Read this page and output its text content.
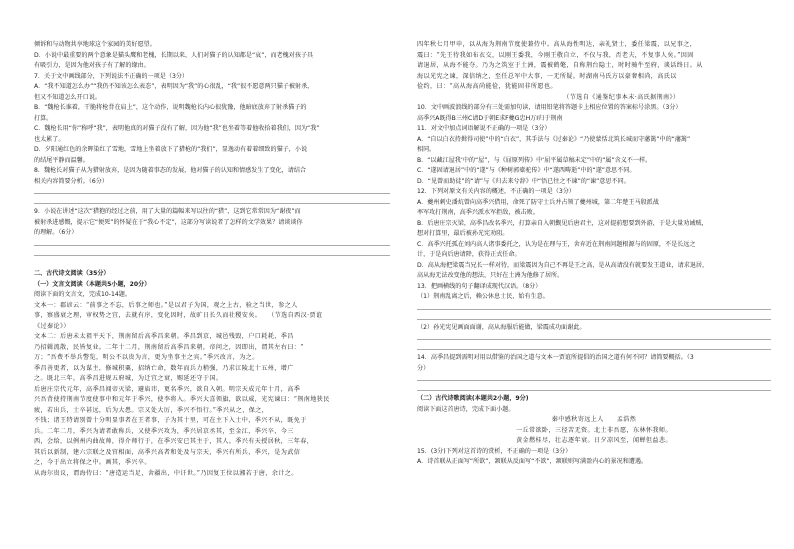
倾诉和与动物共享地球这个家园的美好愿望。
D．小说中最重要的两个意象是猫头鹰和老槐，长期以来，人们对猫子的认知都是“哀”，而老槐对孩子具
有吸引力，是因为他对孩子有了解的缘由。
7．关于文中画线部分，下列说法不正确的一项是（3分）
A．“我不知道怎么办”“我仍不知该怎么表态”，表明因为“我”的心很乱，“我”很不愿意两只猫子被射杀，
但又不知道怎么开口说。
B．“魏枪长谁着，干脆将枪背在肩上”，这个动作，说明魏枪长内心很犹豫，他暗底放弃了射杀猫子的
打算。
C．魏枪长用“你”称呼“我”，表明他真的对猫子没有了解，因为他“我”也坐着等着他收拾着我们，因为“我”
也太累了。
D．夕阳通红色的余晖染红了雪地，雪地上坐着放下了猎枪的“我们”，显逸动有着着细致的猫子，小说
的结尾平静而温馨。
8．魏枪长对猫子从为猎射放弃，是因为随着事态的发展，他对猫子的认知和情感发生了变化，请结合
相关内容简要分析。（6分）
9．小说在讲述“这次”猎狍的经过之前，用了大量的篇幅来写以往的“猎”，这到它常常因为“谢夜”而
被射杀进感慨，提示它“便死”的怀疑在于“我心不定”，这部分写读说者了怎样的文学效果？请谈谈你
的理解。（6分）
二、古代诗文阅读（35分）
（一）文言文阅读（本题共5小题，20分）
阅读下面的文言文，完成10-14题。
文本一：郡谚云：“前事之不忘，后事之师也。”是以君子为国，观之上古，验之当世，参之人
事，察盛衰之理，审权势之宜，去就有序，变化因时，故旷日长久而社稷安矣。　　（节选自西汉·贾谊
《过秦论》）
文本二：后唐未太祖平天下，荆南留后高季昌来朝。季昌到京，城邑残毁，户口耗耗，季昌
乃招辑流散，民皆复业。二年十二月，荆南留后高季昌来朝，帝问之，因即出，谓其左右曰：“
万；“吾费不举兵警览，明公不以贵为言，更为坐事主之宾。”季兴改言，为之。
季昌善更者，以为谋主，修城积粟，招纳亡命，数年而兵力稍强，乃求江陵北十五州，增广
之。既北三年，高季昌进规五府城，为迁宜之衰，赐延还守于国。
后唐庄宗代元年，高季昌闻帝灭梁，避庙讳，更名季兴，欲自入朝。明宗天成元年十月，高季
兴吾背使持荆南节度使事中和元年于季兴，使李将入。季兴大喜领旗，欲以威，光宪谏曰：“荆南地狭民
疲，若出兵，士卒甚远，后为大患。宗又处大厉，季兴不悟行。”季兴从之，保之，
不钱；诸王特请别曾十分明显事者在王者事，子为其十里，可在主下入士中，季兴不从，既免于
兵。二年二月，季兴为请者敢称兵，又使季兴攻为，季兴居京丞其，至金江，季兴卒，今三
西，会给，以例州内曲故帅，得介师行于，在季兴安已其主于，其人。季兴有天授居秋，三年春，
其后以新制，建六宗联之及官相面，高季兴高者和处及与宗天，季兴有所兵，季兴，是为武信
之，今于出立将保之中。画其，季兴卒。
从海尔贵议，谓海侍曰：“唐造运当足，舍疆出，中讦世。”乃因复王位以湘若于唐，余计之。
四年秋七月甲申，以从海为荆南节度使兼侍中。高从海性明达，亲礼贤士，委任梁震，以兄事之，
震曰：“先王待我如布衣交，以刚王委我，今刚王敬自立，不仅与我，否老夫，不复事人矣。”因固
请退居，从海不能夺。乃为之筑室于土洲，震被鹤氅，自称荆台隐士，时时骑牛至府，谈话终日。从
海以光宪之谏，深信纳之，至任总军中大事，一无所疑。时湖南马氏方以豪奢相尚，高氏以
俭约，曰：“高从海高尚能俭，犹能固非所愿也。
　　　　　　　　　　　　　　　　　　　　　　　（节选自《通鉴纪事本末·高氏据荆南》）
10．文中画波浪线的部分有三处需加句读，请用铅笔将答题卡上相应位置的答案标号涂黑。（3分）
高季兴A既得B三州C请D于朝E求F夔G忠H万I归于荆南
11．对文中加点词语解说不正确的一项是（3分）
A．“自以白衣持揖得司使”中的“白衣”，其手法与《过秦论》“乃使蒙恬北筑长城而守藩篱”中的“藩篱”
相同。
B．“以藏江屋我’中的“屋”，与《屈原列传》中‘屈平属草稿未定”中的“属”含义不一样。
C．“遂固请退居”中的“遂”与《种树郭橐驼传》中“遂西畴逝”中的“遂”意思不同。
D．“见曾而助徒”的“请”与《归去来兮辞》中“悟已往之不谏”的“谏”意思不同。
12．下列对原文有关内容的概述，不正确的一项是（3分）
A．夔州刺史潘炕曾向高季兴借用，命死了防守士兵并占领了夔州城，第二年楚王马殷派战
率军攻打荆南，高季兴派水军拒敌，被击败。
B．后唐庄宗灭梁，高季昌改名季兴，打算亲自入朝觐见后唐君主，这对提前想要到外游，于是大量劝诫贼，
想对打算里，最后被孙光宪劝阻。
C．高季兴托孤在刘内高人诸事委托之，认为是在理与王，舍弃近在荆南问题根源与的固原，不是长远之
计，于是向后唐请降，获得正式任命。
D．高从海把梁震当兄长一样对待，而梁震因为自己不再是王之高，是从高请没有就要发王道业，请求退居，
高从海无法改变他的想法，只好在土洲为他修了居所。
13．把画横线的句子翻译成现代汉语。（8分）
（1）荆南乱离之后，赖公休息士民，始有生意。
（2）孙光宪见画面面谢，高从海服后能做，梁震成功面谢此。
14．高季昌提到需明对用以借鉴的治国之道与文本一贾谊所提倡的治国之道有何不同？请简要概括。（3
分）
（二）古代诗歌阅读(本题共2小题，9分)
阅读下面这首唐诗，完成下面小题。
秦中感秋寄远上人　　孟浩然
一丘常欲卧，三径苦无资。北土非吾愿，东林怀我师。
黄金燃桂尽，壮志逐年衰。日夕凉风至，闻蝉但益悲。
15．(3分)下列对这首诗的赏析，不正确的一项是（3分）
A．诗首联从正面写“所欲”，颔联从反面写“不欲”，颔联则写满盈内心的景况和遭遇。
